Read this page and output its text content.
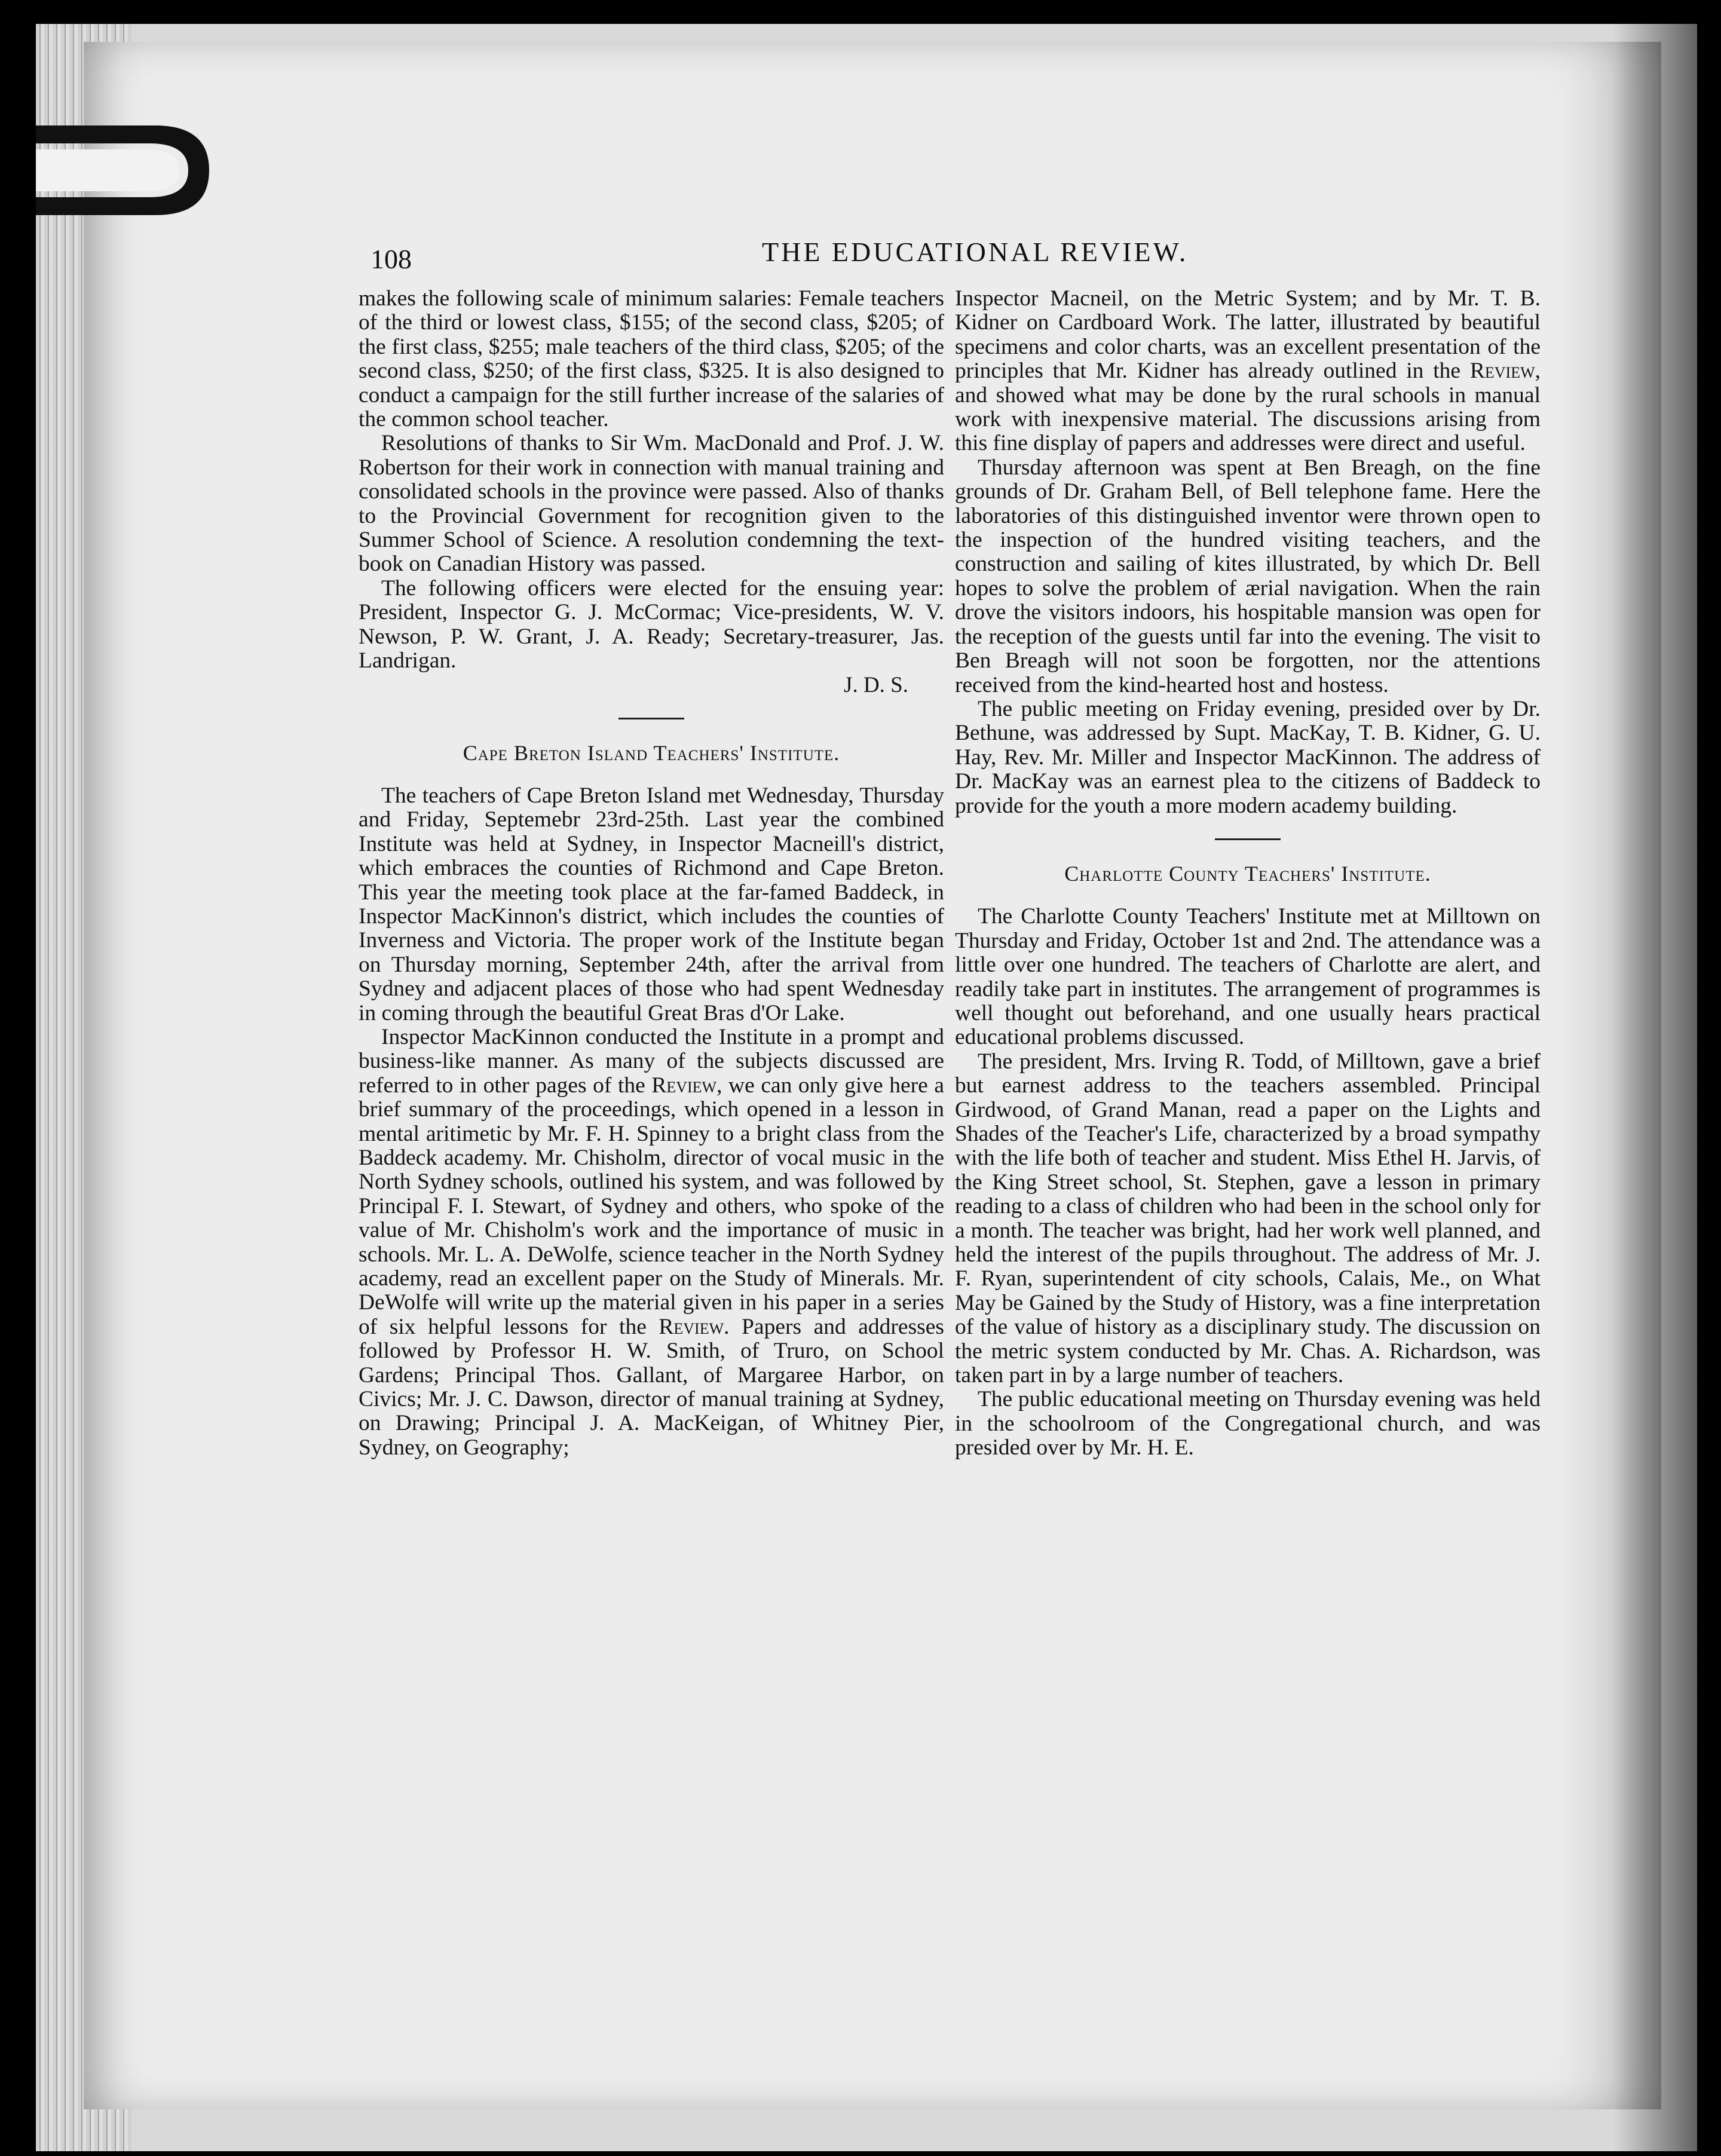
108	THE EDUCATIONAL REVIEW.

makes the following scale of minimum salaries: Female teachers of the third or lowest class, $155; of the second class, $205; of the first class, $255; male teachers of the third class, $205; of the second class, $250; of the first class, $325. It is also designed to conduct a campaign for the still further increase of the salaries of the common school teacher.

Resolutions of thanks to Sir Wm. MacDonald and Prof. J. W. Robertson for their work in connection with manual training and consolidated schools in the province were passed. Also of thanks to the Provincial Government for recognition given to the Summer School of Science. A resolution condemning the text-book on Canadian History was passed.

The following officers were elected for the ensuing year: President, Inspector G. J. McCormac; Vice-presidents, W. V. Newson, P. W. Grant, J. A. Ready; Secretary-treasurer, Jas. Landrigan.

J. D. S.
Cape Breton Island Teachers' Institute.

The teachers of Cape Breton Island met Wednesday, Thursday and Friday, Septemebr 23rd-25th. Last year the combined Institute was held at Sydney, in Inspector Macneill's district, which embraces the counties of Richmond and Cape Breton. This year the meeting took place at the far-famed Baddeck, in Inspector MacKinnon's district, which includes the counties of Inverness and Victoria. The proper work of the Institute began on Thursday morning, September 24th, after the arrival from Sydney and adjacent places of those who had spent Wednesday in coming through the beautiful Great Bras d'Or Lake.

Inspector MacKinnon conducted the Institute in a prompt and business-like manner. As many of the subjects discussed are referred to in other pages of the Review, we can only give here a brief summary of the proceedings, which opened in a lesson in mental aritimetic by Mr. F. H. Spinney to a bright class from the Baddeck academy. Mr. Chisholm, director of vocal music in the North Sydney schools, outlined his system, and was followed by Principal F. I. Stewart, of Sydney and others, who spoke of the value of Mr. Chisholm's work and the importance of music in schools. Mr. L. A. DeWolfe, science teacher in the North Sydney academy, read an excellent paper on the Study of Minerals. Mr. DeWolfe will write up the material given in his paper in a series of six helpful lessons for the Review. Papers and addresses followed by Professor H. W. Smith, of Truro, on School Gardens; Principal Thos. Gallant, of Margaree Harbor, on Civics; Mr. J. C. Dawson, director of manual training at Sydney, on Drawing; Principal J. A. MacKeigan, of Whitney Pier, Sydney, on Geography;

Inspector Macneil, on the Metric System; and by Mr. T. B. Kidner on Cardboard Work. The latter, illustrated by beautiful specimens and color charts, was an excellent presentation of the principles that Mr. Kidner has already outlined in the Review, and showed what may be done by the rural schools in manual work with inexpensive material. The discussions arising from this fine display of papers and addresses were direct and useful.

Thursday afternoon was spent at Ben Breagh, on the fine grounds of Dr. Graham Bell, of Bell telephone fame. Here the laboratories of this distinguished inventor were thrown open to the inspection of the hundred visiting teachers, and the construction and sailing of kites illustrated, by which Dr. Bell hopes to solve the problem of ærial navigation. When the rain drove the visitors indoors, his hospitable mansion was open for the reception of the guests until far into the evening. The visit to Ben Breagh will not soon be forgotten, nor the attentions received from the kind-hearted host and hostess.

The public meeting on Friday evening, presided over by Dr. Bethune, was addressed by Supt. MacKay, T. B. Kidner, G. U. Hay, Rev. Mr. Miller and Inspector MacKinnon. The address of Dr. MacKay was an earnest plea to the citizens of Baddeck to provide for the youth a more modern academy building.

Charlotte County Teachers' Institute.

The Charlotte County Teachers' Institute met at Milltown on Thursday and Friday, October 1st and 2nd. The attendance was a little over one hundred. The teachers of Charlotte are alert, and readily take part in institutes. The arrangement of programmes is well thought out beforehand, and one usually hears practical educational problems discussed.

The president, Mrs. Irving R. Todd, of Milltown, gave a brief but earnest address to the teachers assembled. Principal Girdwood, of Grand Manan, read a paper on the Lights and Shades of the Teacher's Life, characterized by a broad sympathy with the life both of teacher and student. Miss Ethel H. Jarvis, of the King Street school, St. Stephen, gave a lesson in primary reading to a class of children who had been in the school only for a month. The teacher was bright, had her work well planned, and held the interest of the pupils throughout. The address of Mr. J. F. Ryan, superintendent of city schools, Calais, Me., on What May be Gained by the Study of History, was a fine interpretation of the value of history as a disciplinary study. The discussion on the metric system conducted by Mr. Chas. A. Richardson, was taken part in by a large number of teachers.

The public educational meeting on Thursday evening was held in the schoolroom of the Congregational church, and was presided over by Mr. H. E.
